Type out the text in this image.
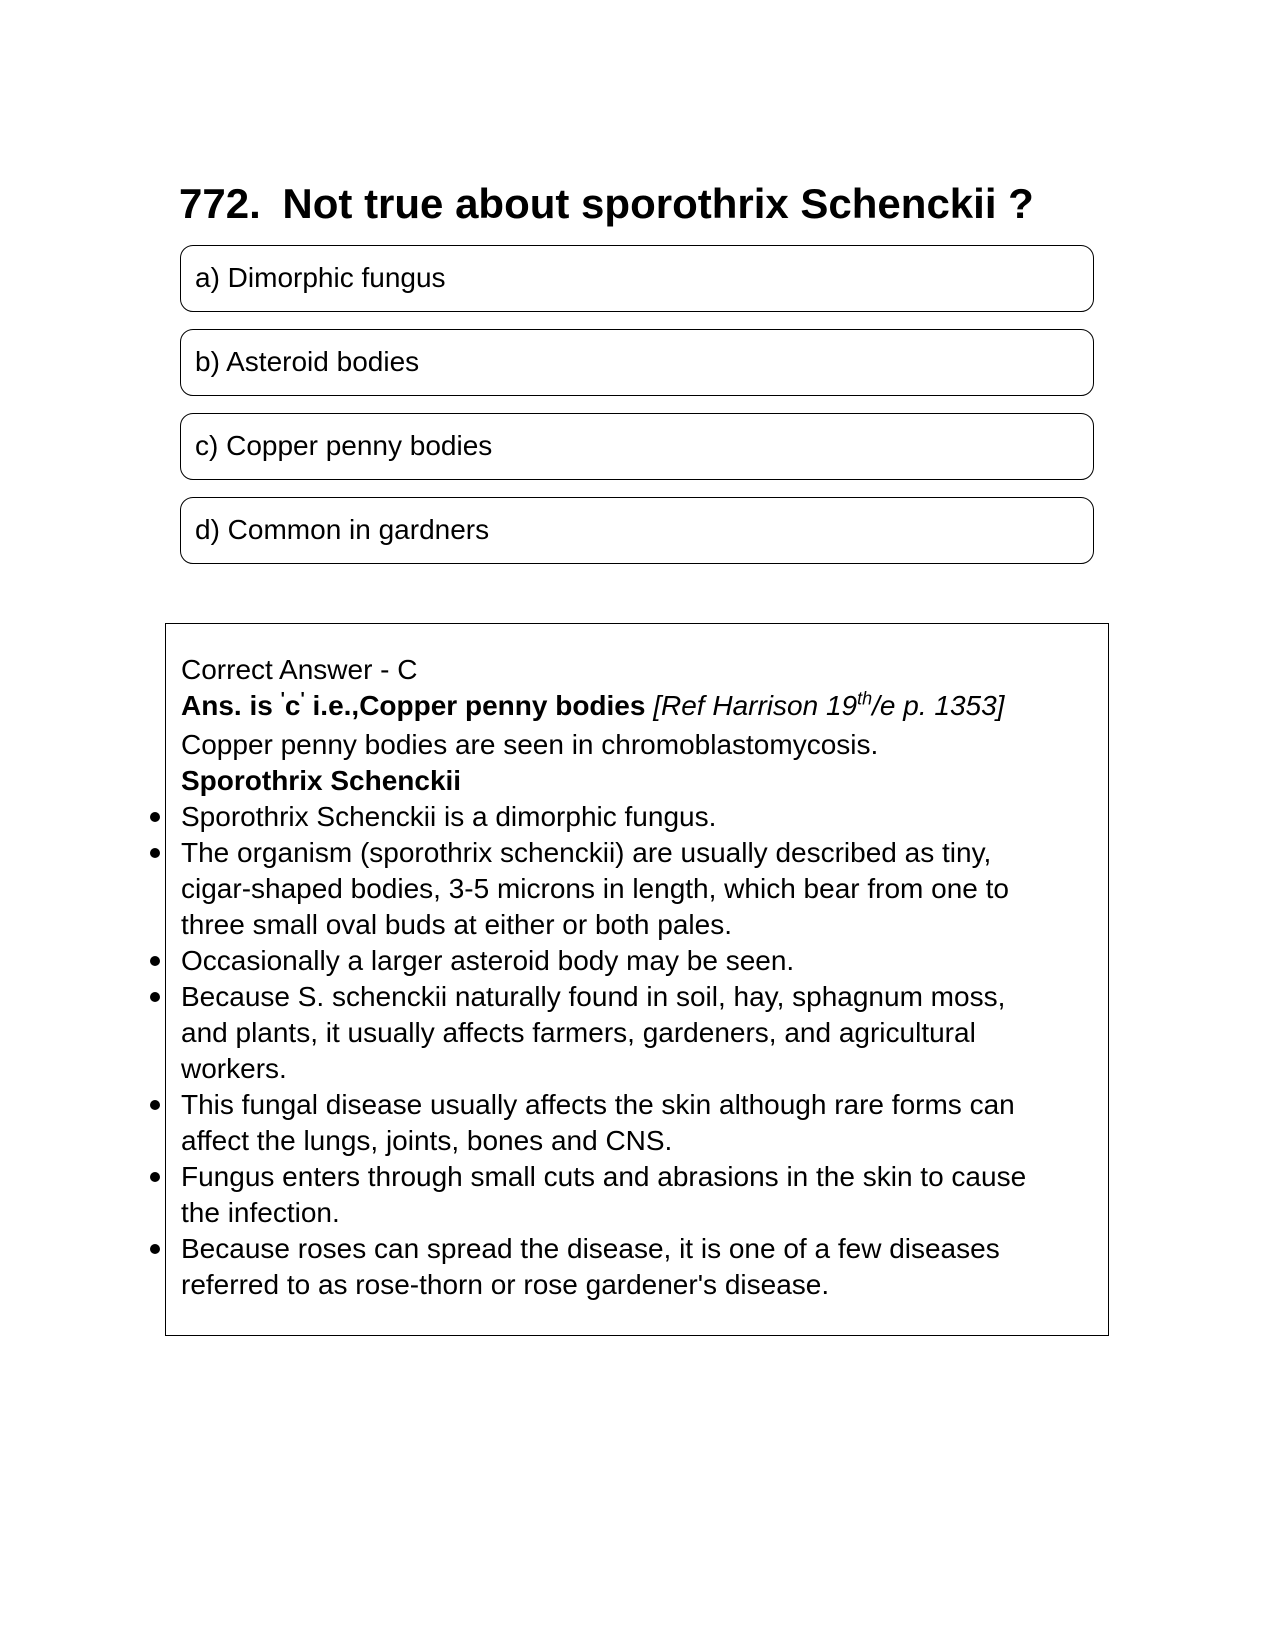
772. Not true about sporothrix Schenckii ?
a) Dimorphic fungus
b) Asteroid bodies
c) Copper penny bodies
d) Common in gardners

Correct Answer - C

Ans. is 'c' i.e.,Copper penny bodies [Ref Harrison 19th/e p. 1353]

Copper penny bodies are seen in chromoblastomycosis.

Sporothrix Schenckii

Sporothrix Schenckii is a dimorphic fungus.

The organism (sporothrix schenckii) are usually described as tiny,

cigar-shaped bodies, 3-5 microns in length, which bear from one to

three small oval buds at either or both pales.

Occasionally a larger asteroid body may be seen.

Because S. schenckii naturally found in soil, hay, sphagnum moss,

and plants, it usually affects farmers, gardeners, and agricultural

workers.

This fungal disease usually affects the skin although rare forms can

affect the lungs, joints, bones and CNS.

Fungus enters through small cuts and abrasions in the skin to cause

the infection.

Because roses can spread the disease, it is one of a few diseases

referred to as rose-thorn or rose gardener's disease.
